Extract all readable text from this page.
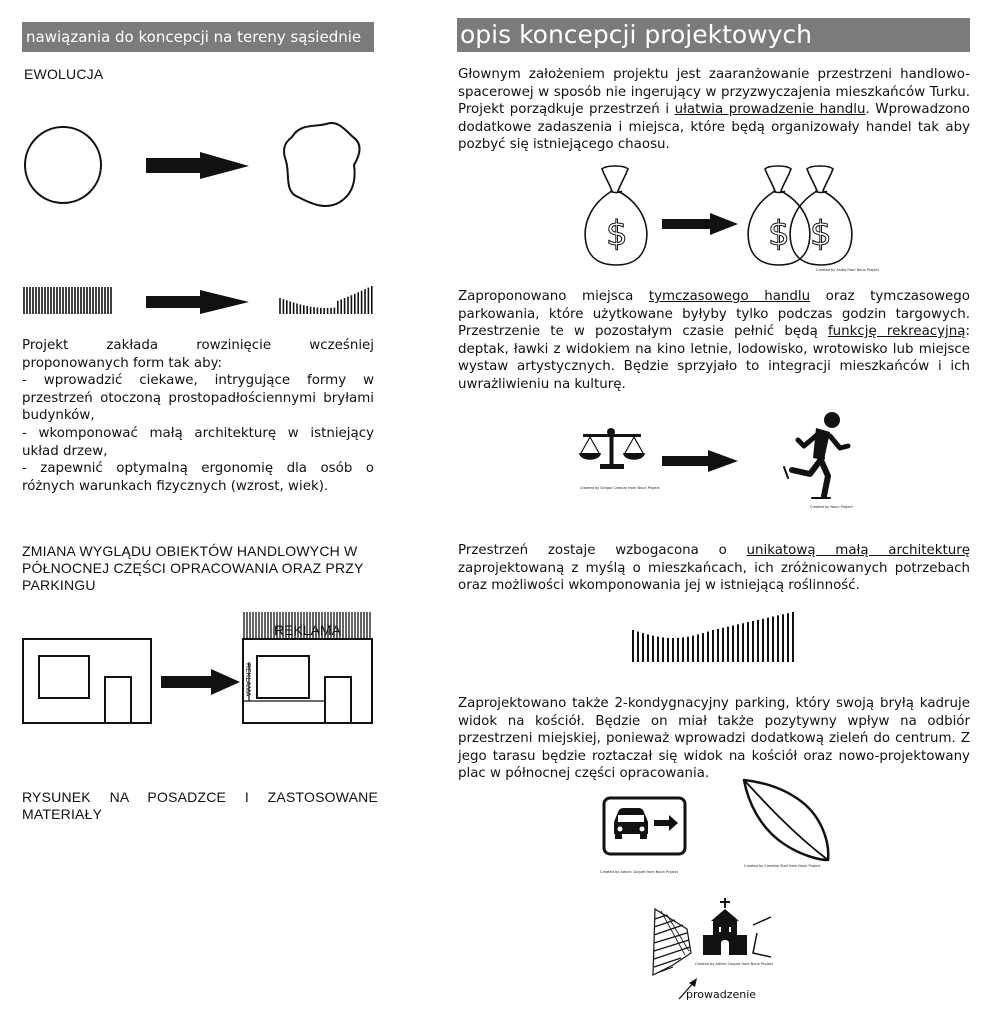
nawiązania do koncepcji na tereny sąsiednie
EWOLUCJA
Projekt zakłada rowzinięcie wcześniej proponowanych form tak aby:
- wprowadzić ciekawe, intrygujące formy w przestrzeń otoczoną prostopadłościennymi bryłami budynków,
- wkomponować małą architekturę w istniejący układ drzew,
- zapewnić optymalną ergonomię dla osób o różnych warunkach fizycznych (wzrost, wiek).
ZMIANA WYGLĄDU OBIEKTÓW HANDLOWYCH W PÓŁNOCNEJ CZĘŚCI OPRACOWANIA ORAZ PRZY PARKINGU
REKLAMA
REKLAMA
RYSUNEK NA POSADZCE I ZASTOSOWANE MATERIAŁY
opis koncepcji projektowych
Głownym założeniem projektu jest zaaranżowanie przestrzeni handlowo-spacerowej w sposób nie ingerujący w przyzwyczajenia mieszkańców Turku. Projekt porządkuje przestrzeń i ułatwia prowadzenie handlu. Wprowadzono dodatkowe zadaszenia i miejsca, które będą organizowały handel tak aby pozbyć się istniejącego chaosu.
$	$ $
Created by Ahdio from Noun Project
Zaproponowano miejsca tymczasowego handlu oraz tymczasowego parkowania, które użytkowane byłyby tylko podczas godzin targowych. Przestrzenie te w pozostałym czasie pełnić będą funkcję rekreacyjną: deptak, ławki z widokiem na kino letnie, lodowisko, wrotowisko lub miejsce wystaw artystycznych. Będzie sprzyjało to integracji mieszkańców i ich uwrażliwieniu na kulturę.
Created by Gregor Cresnar from Noun Project
Created by Noun Project
Przestrzeń zostaje wzbogacona o unikatową małą architekturę zaprojektowaną z myślą o mieszkańcach, ich zróżnicowanych potrzebach oraz możliwości wkomponowania jej w istniejącą roślinność.
Zaprojektowano także 2-kondygnacyjny parking, który swoją bryłą kadruje widok na kościół. Będzie on miał także pozytywny wpływ na odbiór przestrzeni miejskiej, ponieważ wprowadzi dodatkową zieleń do centrum. Z jego tarasu będzie roztaczał się widok na kościół oraz nowo-projektowany plac w północnej części opracowania.
Created by Adrien Coquet from Noun Project
Created by Creative Stall from Noun Project
Created by Adrien Coquet from Noun Project
prowadzenie
